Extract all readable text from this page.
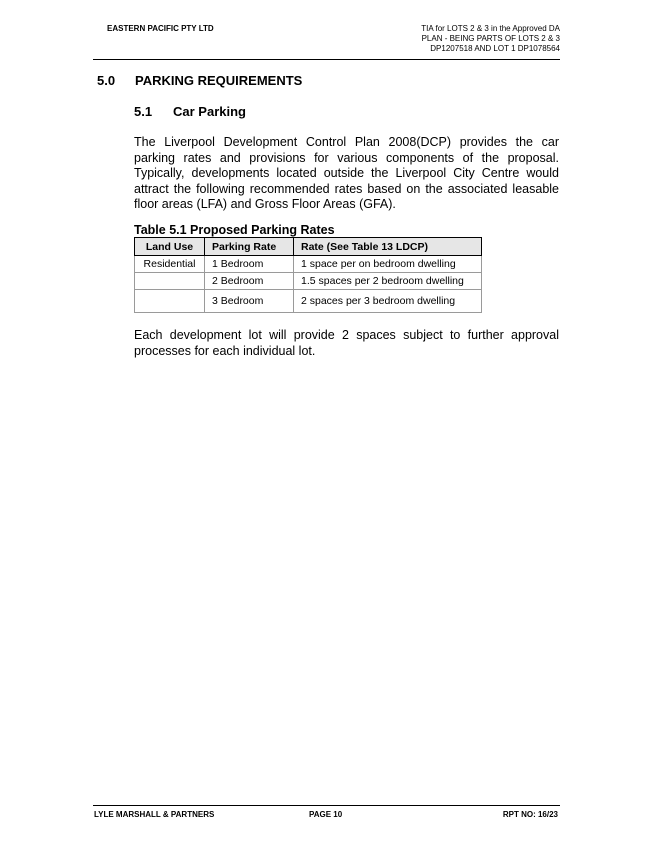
EASTERN PACIFIC PTY LTD	TIA for LOTS 2 & 3 in the Approved DA
PLAN - BEING PARTS OF LOTS 2 & 3
DP1207518 AND LOT 1 DP1078564
5.0 PARKING REQUIREMENTS
5.1 Car Parking

The Liverpool Development Control Plan 2008(DCP) provides the car parking rates and provisions for various components of the proposal. Typically, developments located outside the Liverpool City Centre would attract the following recommended rates based on the associated leasable floor areas (LFA) and Gross Floor Areas (GFA).

Table 5.1 Proposed Parking Rates
Land Use	Parking Rate	Rate (See Table 13 LDCP)
Residential	1 Bedroom	1 space per on bedroom dwelling
	2 Bedroom	1.5 spaces per 2 bedroom dwelling
	3 Bedroom	2 spaces per 3 bedroom dwelling

Each development lot will provide 2 spaces subject to further approval processes for each individual lot.

LYLE MARSHALL & PARTNERS	PAGE 10	RPT NO: 16/23
